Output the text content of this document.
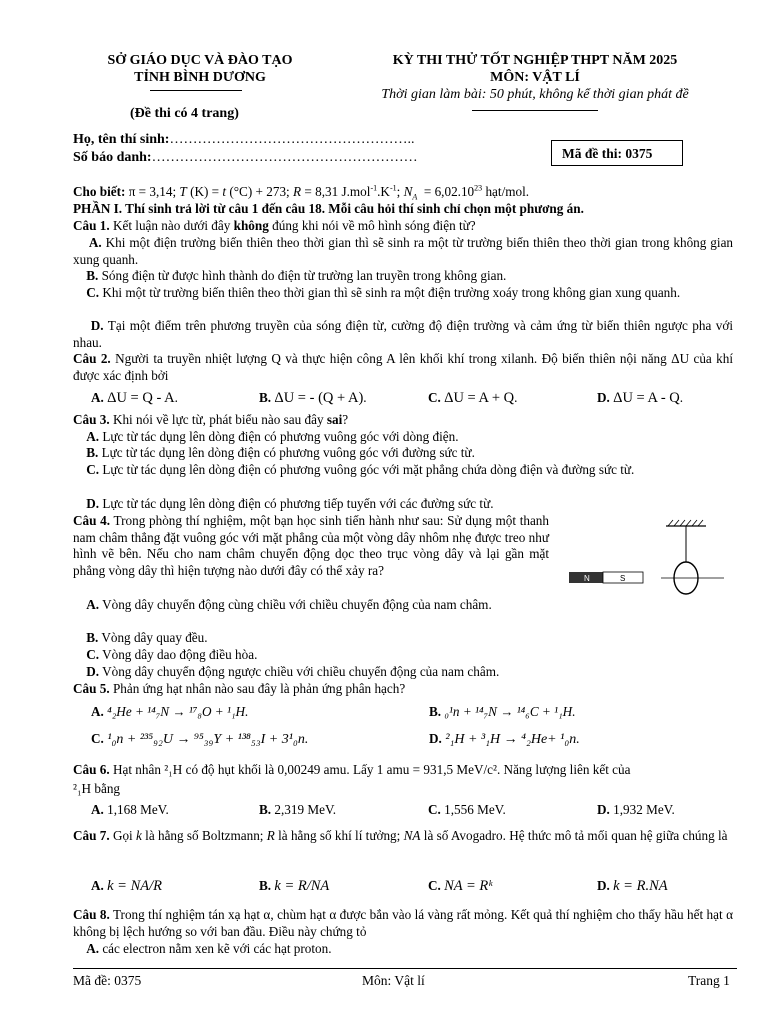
SỞ GIÁO DỤC VÀ ĐÀO TẠO
TỈNH BÌNH DƯƠNG
(Đề thi có 4 trang)
KỲ THI THỬ TỐT NGHIỆP THPT NĂM 2025
MÔN: VẬT LÍ
Thời gian làm bài: 50 phút, không kể thời gian phát đề
Họ, tên thí sinh:……………………………………………..
Số báo danh:…………………………………………………	Mã đề thi: 0375
Cho biết: π = 3,14; T (K) = t (°C) + 273; R = 8,31 $J.mol^{-1}.K^{-1}$; $N_A = 6,02.10^{23}$ hạt/mol.
PHẦN I. Thí sinh trả lời từ câu 1 đến câu 18. Mỗi câu hỏi thí sinh chỉ chọn một phương án.
Câu 1. Kết luận nào dưới đây không đúng khi nói về mô hình sóng điện từ?
A. Khi một điện trường biến thiên theo thời gian thì sẽ sinh ra một từ trường biến thiên theo thời gian trong không gian xung quanh.
B. Sóng điện từ được hình thành do điện từ trường lan truyền trong không gian.
C. Khi một từ trường biến thiên theo thời gian thì sẽ sinh ra một điện trường xoáy trong không gian xung quanh.
D. Tại một điểm trên phương truyền của sóng điện từ, cường độ điện trường và cảm ứng từ biến thiên ngược pha với nhau.
Câu 2. Người ta truyền nhiệt lượng Q và thực hiện công A lên khối khí trong xilanh. Độ biến thiên nội năng ΔU của khí được xác định bởi
A. ΔU = Q - A.	B. ΔU = - (Q + A).	C. ΔU = A + Q.	D. ΔU = A - Q.
Câu 3. Khi nói về lực từ, phát biểu nào sau đây sai?
A. Lực từ tác dụng lên dòng điện có phương vuông góc với dòng điện.
B. Lực từ tác dụng lên dòng điện có phương vuông góc với đường sức từ.
C. Lực từ tác dụng lên dòng điện có phương vuông góc với mặt phẳng chứa dòng điện và đường sức từ.
D. Lực từ tác dụng lên dòng điện có phương tiếp tuyến với các đường sức từ.
Câu 4. Trong phòng thí nghiệm, một bạn học sinh tiến hành như sau: Sử dụng một thanh nam châm thẳng đặt vuông góc với mặt phẳng của một vòng dây nhôm nhẹ được treo như hình vẽ bên. Nếu cho nam châm chuyển động dọc theo trục vòng dây và lại gần mặt phẳng vòng dây thì hiện tượng nào dưới đây có thể xảy ra?
A. Vòng dây chuyển động cùng chiều với chiều chuyển động của nam châm.
B. Vòng dây quay đều.
C. Vòng dây dao động điều hòa.
D. Vòng dây chuyển động ngược chiều với chiều chuyển động của nam châm.
N	S
Câu 5. Phản ứng hạt nhân nào sau đây là phản ứng phân hạch?
A. ⁴₂He + ¹⁴₇N → ¹⁷₈O + ¹₁H.	B. ₀¹n + ¹⁴₇N → ¹⁴₆C + ¹₁H.
C. ¹₀n + ²³⁵₉₂U → ⁹⁵₃₉Y + ¹³⁸₅₃I + 3¹₀n.	D. ²₁H + ³₁H → ⁴₂He+ ¹₀n.
Câu 6. Hạt nhân ²₁H có độ hụt khối là 0,00249 amu. Lấy 1 amu = 931,5 MeV/c². Năng lượng liên kết của
²₁H bằng
A. 1,168 MeV.	B. 2,319 MeV.	C. 1,556 MeV.	D. 1,932 MeV.
Câu 7. Gọi k là hằng số Boltzmann; R là hằng số khí lí tưởng; NA là số Avogadro. Hệ thức mô tả mối quan hệ giữa chúng là
A. k = NA/R	B. k = R/NA	C. NA = Rᵏ	D. k = R.NA
Câu 8. Trong thí nghiệm tán xạ hạt α, chùm hạt α được bắn vào lá vàng rất mỏng. Kết quả thí nghiệm cho thấy hầu hết hạt α không bị lệch hướng so với ban đầu. Điều này chứng tỏ
A. các electron nằm xen kẽ với các hạt proton.
Mã đề: 0375	Môn: Vật lí	Trang 1
